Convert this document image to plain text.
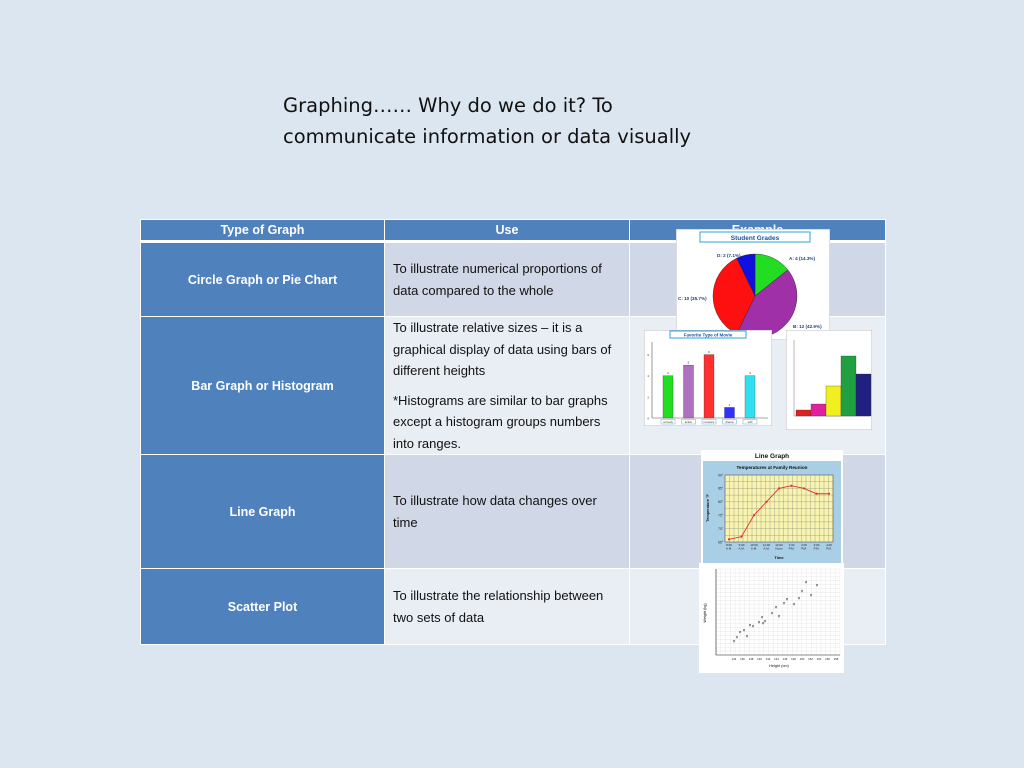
Graphing…… Why do we do it? To
communicate information or data visually
Type of Graph	Use	
Circle Graph or Pie Chart	To illustrate numerical proportions of data compared to the whole	

Bar Graph or Histogram	To illustrate relative sizes – it is a graphical display of data using bars of different heights

*Histograms are similar to bar graphs except a histogram groups numbers into ranges.	

Line Graph	To illustrate how data changes over time	

Scatter Plot	To illustrate the relationship between two sets of data	

Student Grades
A: 4 (14.3%)
B: 12 (42.9%)
C: 10 (35.7%)
D: 2 (7.1%)
Favorite Type of Movie
0
2
4
6
4
comedy
5
action
6
romance
1
drama
4
scifi
Line Graph
Temperatures at Family Reunion
Temperature °F
Time
90°
85°
80°
75°
70°
65°
8:00 A.M.
9:00 A.M.
10:00 A.M.
11:00 A.M.
12:00 Noon
1:00 P.M.
2:00 P.M.
3:00 P.M.
4:00 P.M.
Weight (kg)
Height (cm)
134 136 138 140 142 144 146 148 150 152 154 156 158
×
×
× ×
×
× ×
×
×
× ×
×
×
×
×
×
×
×
×
×
×
×
